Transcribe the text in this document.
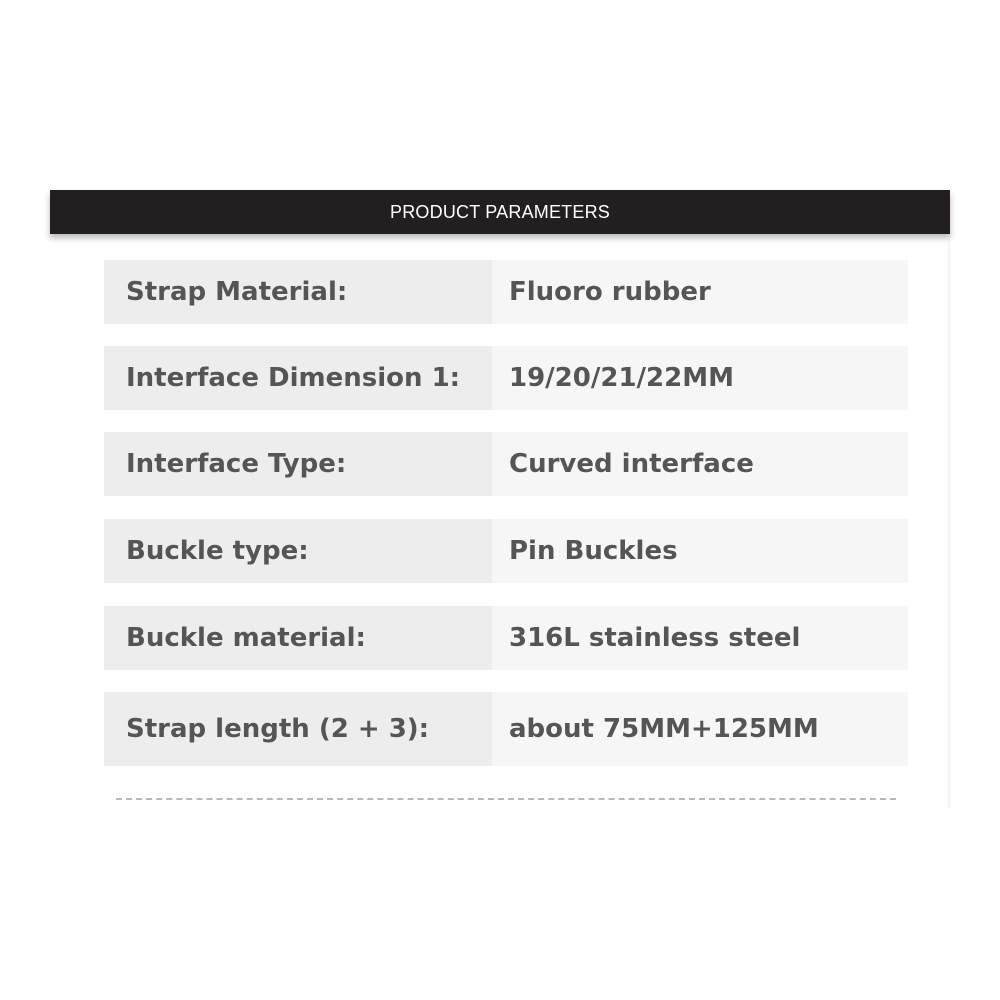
PRODUCT PARAMETERS
Strap Material:	Fluoro rubber
Interface Dimension 1:	19/20/21/22MM
Interface Type:	Curved interface
Buckle type:	Pin Buckles
Buckle material:	316L stainless steel
Strap length (2 + 3):	about 75MM+125MM
